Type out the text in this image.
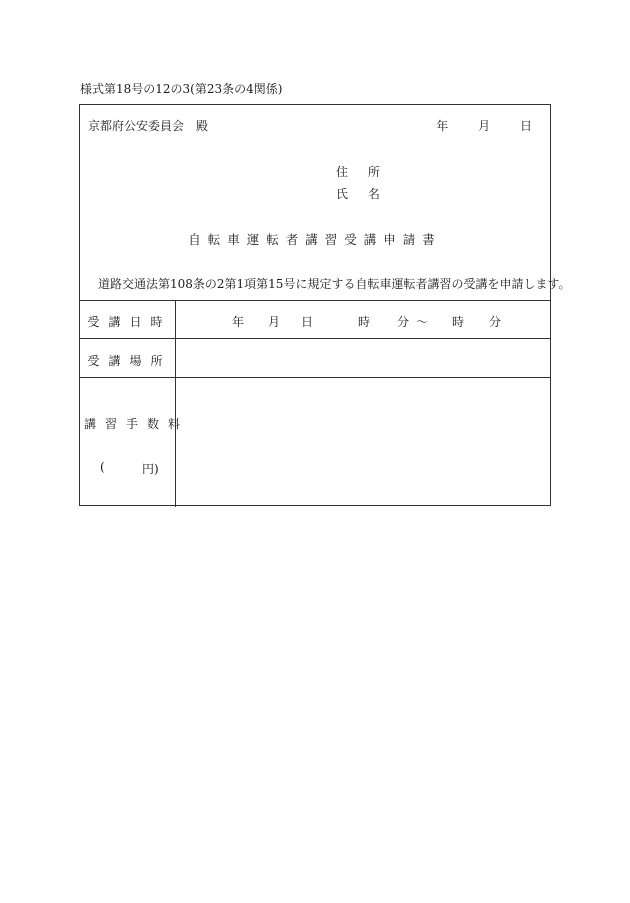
様式第18号の12の3(第23条の4関係)
京都府公安委員会　殿	年 月 日
住 所
氏 名
自転車運転者講習受講申請書
道路交通法第108条の2第1項第15号に規定する自転車運転者講習の受講を申請します。
受講日時	年 月 日	時 分 ～ 時 分
受講場所
講習手数料
(	円)
